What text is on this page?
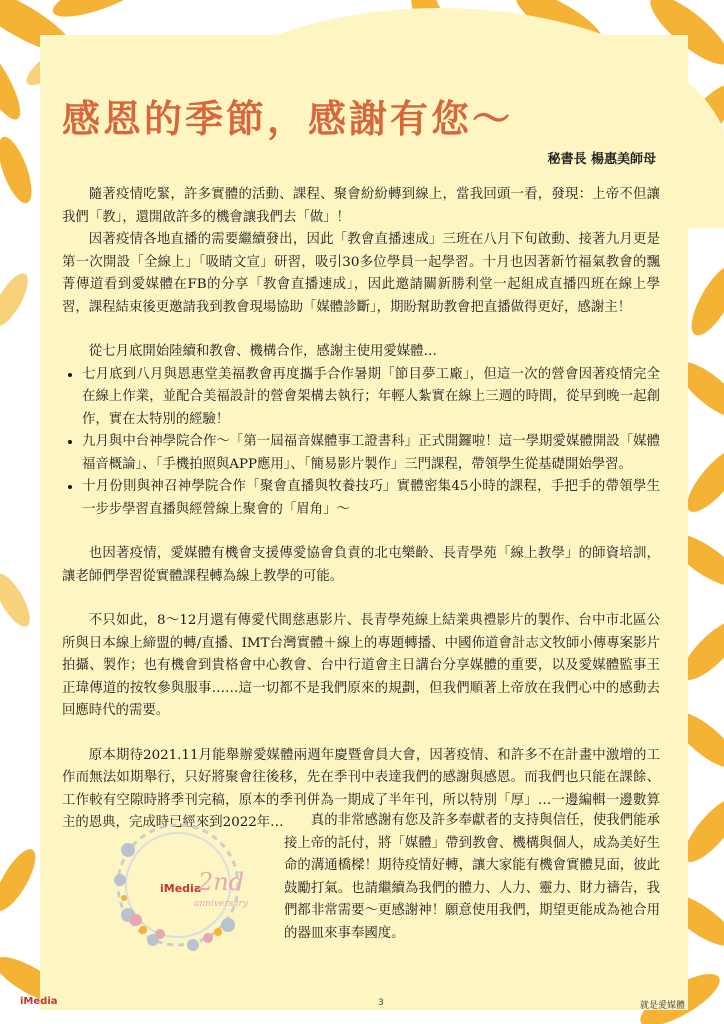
感恩的季節，感謝有您～
秘書長 楊惠美師母

隨著疫情吃緊，許多實體的活動、課程、聚會紛紛轉到線上，當我回頭一看，發現：上帝不但讓我們「教」，還開啟許多的機會讓我們去「做」！

因著疫情各地直播的需要繼續發出，因此「教會直播速成」三班在八月下旬啟動、接著九月更是第一次開設「全線上」「吸睛文宣」研習，吸引30多位學員一起學習。十月也因著新竹福氣教會的飄菁傳道看到愛媒體在FB的分享「教會直播速成」，因此邀請關新勝利堂一起組成直播四班在線上學習，課程結束後更邀請我到教會現場協助「媒體診斷」，期盼幫助教會把直播做得更好，感謝主！

從七月底開始陸續和教會、機構合作，感謝主使用愛媒體…

• 七月底到八月與恩惠堂美福教會再度攜手合作暑期「節目夢工廠」，但這一次的營會因著疫情完全在線上作業，並配合美福設計的營會架構去執行；年輕人紮實在線上三週的時間，從早到晚一起創作，實在太特別的經驗！
• 九月與中台神學院合作～「第一屆福音媒體事工證書科」正式開鑼啦！這一學期愛媒體開設「媒體福音概論」、「手機拍照與APP應用」、「簡易影片製作」三門課程，帶領學生從基礎開始學習。
• 十月份則與神召神學院合作「聚會直播與牧養技巧」實體密集45小時的課程，手把手的帶領學生一步步學習直播與經營線上聚會的「眉角」～

也因著疫情，愛媒體有機會支援傳愛協會負責的北屯樂齡、長青學苑「線上教學」的師資培訓，讓老師們學習從實體課程轉為線上教學的可能。

不只如此，8～12月還有傳愛代間慈惠影片、長青學苑線上結業典禮影片的製作、台中市北區公所與日本線上締盟的轉/直播、IMT台灣實體＋線上的專題轉播、中國佈道會計志文牧師小傳專案影片拍攝、製作；也有機會到貴格會中心教會、台中行道會主日講台分享媒體的重要，以及愛媒體監事王正瑋傳道的按牧參與服事……這一切都不是我們原來的規劃，但我們順著上帝放在我們心中的感動去回應時代的需要。

原本期待2021.11月能舉辦愛媒體兩週年慶暨會員大會，因著疫情、和許多不在計畫中激增的工作而無法如期舉行，只好將聚會往後移，先在季刊中表達我們的感謝與感恩。而我們也只能在課餘、工作較有空隙時將季刊完稿，原本的季刊併為一期成了半年刊，所以特別「厚」…一邊編輯一邊數算主的恩典，完成時已經來到2022年…

iMedia
2nd
anniversary

真的非常感謝有您及許多奉獻者的支持與信任，使我們能承接上帝的託付，將「媒體」帶到教會、機構與個人，成為美好生命的溝通橋樑！期待疫情好轉，讓大家能有機會實體見面，彼此鼓勵打氣。也請繼續為我們的體力、人力、靈力、財力禱告，我們都非常需要～更感謝神！願意使用我們，期望更能成為祂合用的器皿來事奉國度。

iMedia	3	就是愛媒體
